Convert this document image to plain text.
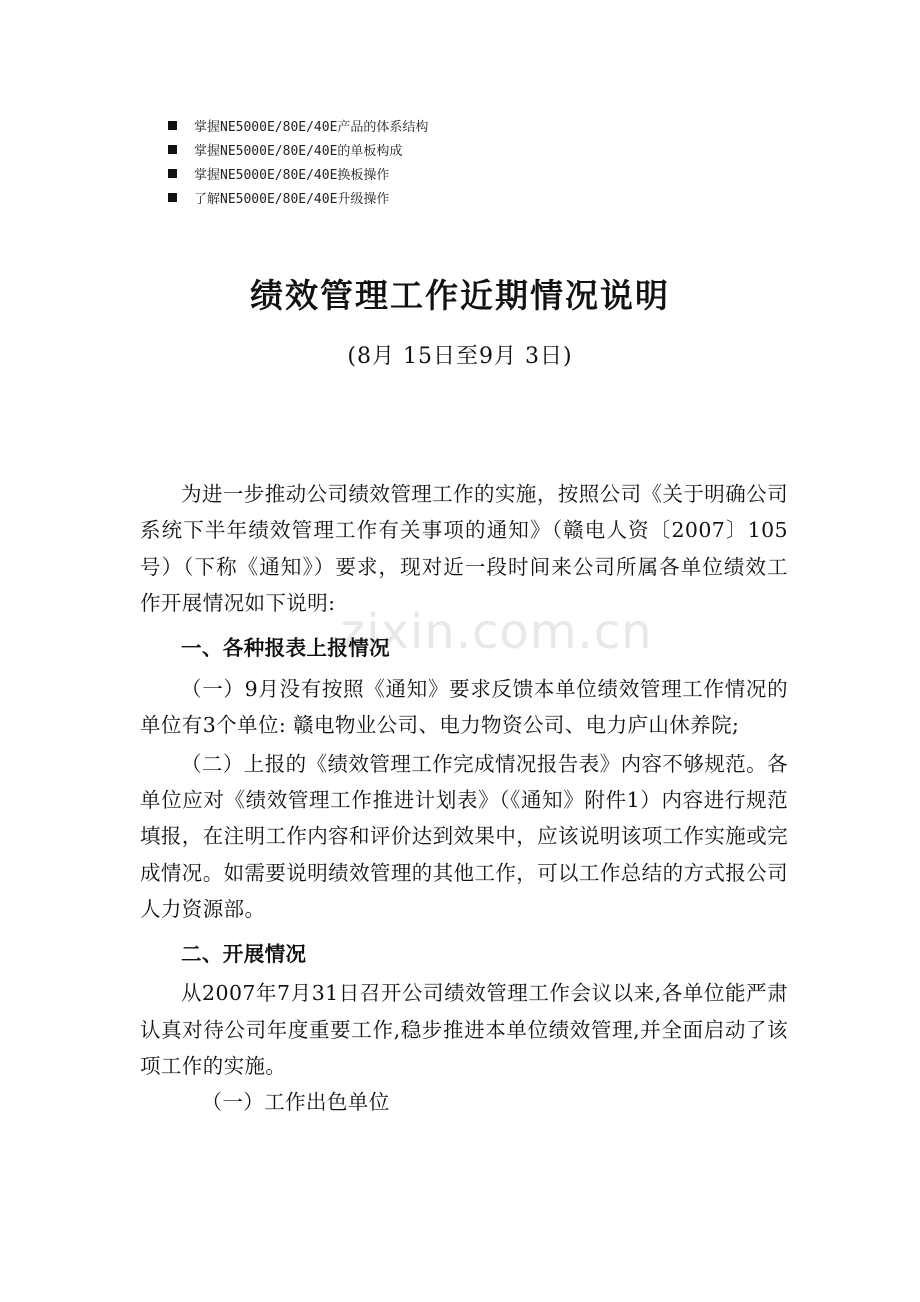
掌握NE5000E/80E/40E产品的体系结构
掌握NE5000E/80E/40E的单板构成
掌握NE5000E/80E/40E换板操作
了解NE5000E/80E/40E升级操作
绩效管理工作近期情况说明
(8月 15日至9月 3日)
zixin.com.cn

为进一步推动公司绩效管理工作的实施，按照公司《关于明确公司系统下半年绩效管理工作有关事项的通知》（赣电人资〔2007〕105号）（下称《通知》）要求，现对近一段时间来公司所属各单位绩效工作开展情况如下说明:

一、各种报表上报情况

（一）9月没有按照《通知》要求反馈本单位绩效管理工作情况的单位有3个单位: 赣电物业公司、电力物资公司、电力庐山休养院;

（二）上报的《绩效管理工作完成情况报告表》内容不够规范。各单位应对《绩效管理工作推进计划表》（《通知》附件1）内容进行规范填报，在注明工作内容和评价达到效果中，应该说明该项工作实施或完成情况。如需要说明绩效管理的其他工作，可以工作总结的方式报公司人力资源部。

二、开展情况

从2007年7月31日召开公司绩效管理工作会议以来,各单位能严肃认真对待公司年度重要工作,稳步推进本单位绩效管理,并全面启动了该项工作的实施。

（一）工作出色单位
